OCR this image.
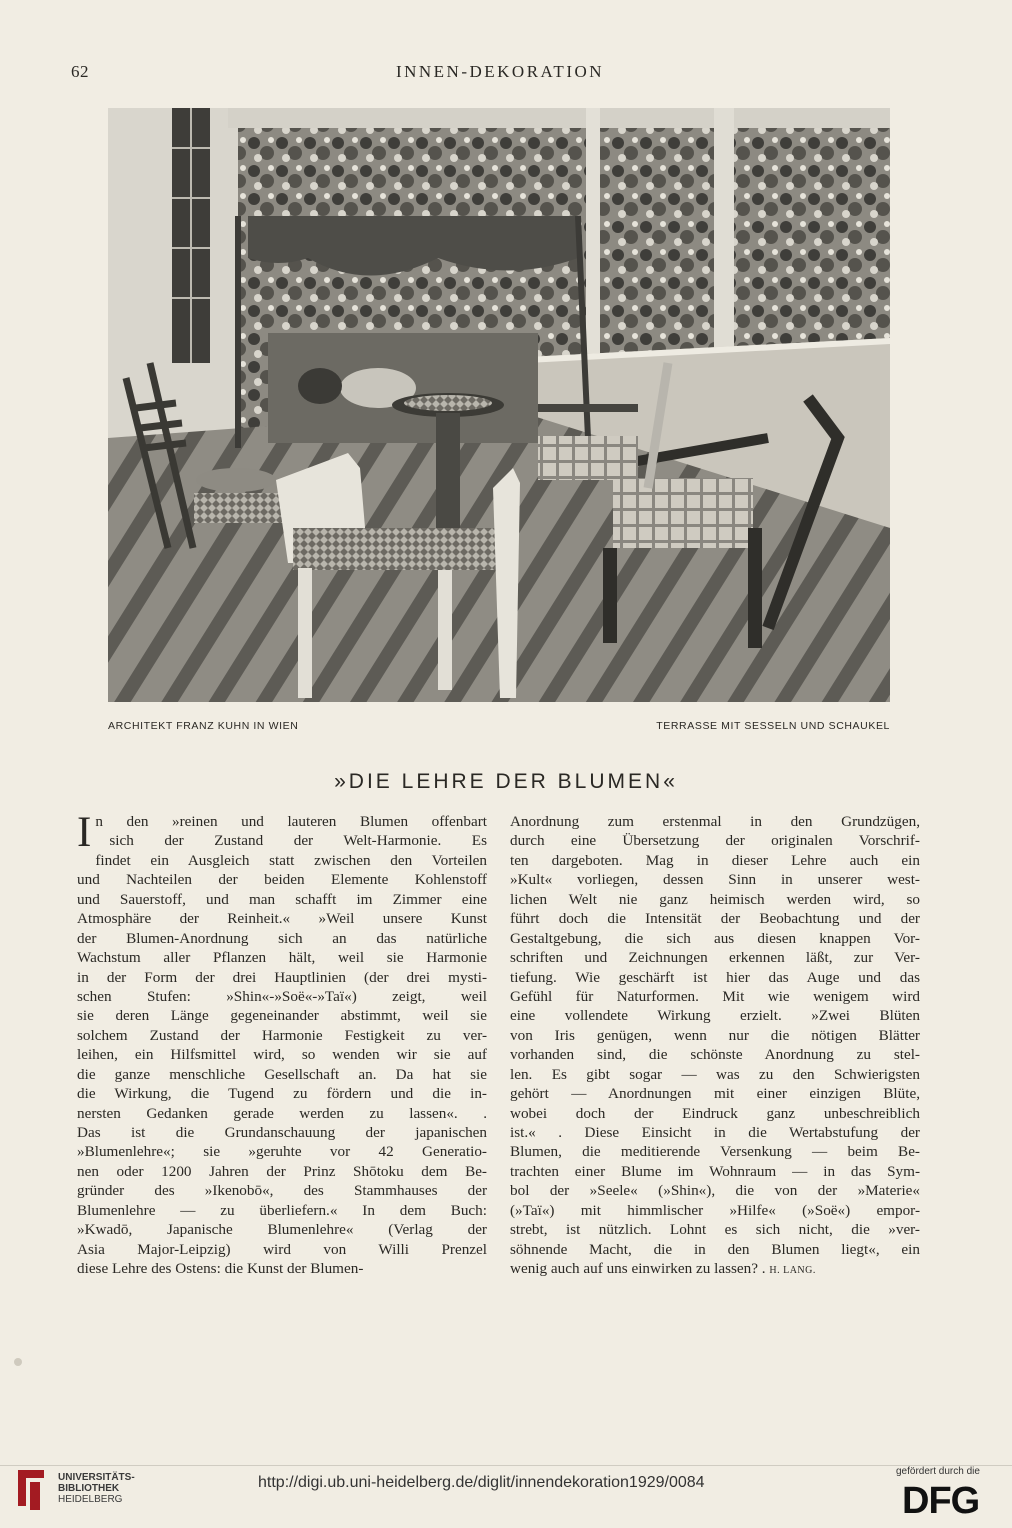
62	INNEN-DEKORATION
ARCHITEKT FRANZ KUHN IN WIEN	TERRASSE MIT SESSELN UND SCHAUKEL
»DIE LEHRE DER BLUMEN«
I n den »reinen und lauteren Blumen offenbart

sich der Zustand der Welt-Harmonie. Es

findet ein Ausgleich statt zwischen den Vorteilen

und Nachteilen der beiden Elemente Kohlenstoff

und Sauerstoff, und man schafft im Zimmer eine

Atmosphäre der Reinheit.« »Weil unsere Kunst

der Blumen-Anordnung sich an das natürliche

Wachstum aller Pflanzen hält, weil sie Harmonie

in der Form der drei Hauptlinien (der drei mysti-

schen Stufen: »Shin«-»Soë«-»Taï«) zeigt, weil

sie deren Länge gegeneinander abstimmt, weil sie

solchem Zustand der Harmonie Festigkeit zu ver-

leihen, ein Hilfsmittel wird, so wenden wir sie auf

die ganze menschliche Gesellschaft an. Da hat sie

die Wirkung, die Tugend zu fördern und die in-

nersten Gedanken gerade werden zu lassen«. .

Das ist die Grundanschauung der japanischen

»Blumenlehre«; sie »geruhte vor 42 Generatio-

nen oder 1200 Jahren der Prinz Shōtoku dem Be-

gründer des »Ikenobō«, des Stammhauses der

Blumenlehre — zu überliefern.« In dem Buch:

»Kwadō, Japanische Blumenlehre« (Verlag der

Asia Major-Leipzig) wird von Willi Prenzel

diese Lehre des Ostens: die Kunst der Blumen-

Anordnung zum erstenmal in den Grundzügen,

durch eine Übersetzung der originalen Vorschrif-

ten dargeboten. Mag in dieser Lehre auch ein

»Kult« vorliegen, dessen Sinn in unserer west-

lichen Welt nie ganz heimisch werden wird, so

führt doch die Intensität der Beobachtung und der

Gestaltgebung, die sich aus diesen knappen Vor-

schriften und Zeichnungen erkennen läßt, zur Ver-

tiefung. Wie geschärft ist hier das Auge und das

Gefühl für Naturformen. Mit wie wenigem wird

eine vollendete Wirkung erzielt. »Zwei Blüten

von Iris genügen, wenn nur die nötigen Blätter

vorhanden sind, die schönste Anordnung zu stel-

len. Es gibt sogar — was zu den Schwierigsten

gehört — Anordnungen mit einer einzigen Blüte,

wobei doch der Eindruck ganz unbeschreiblich

ist.« . Diese Einsicht in die Wertabstufung der

Blumen, die meditierende Versenkung — beim Be-

trachten einer Blume im Wohnraum — in das Sym-

bol der »Seele« (»Shin«), die von der »Materie«

(»Taï«) mit himmlischer »Hilfe« (»Soë«) empor-

strebt, ist nützlich. Lohnt es sich nicht, die »ver-

söhnende Macht, die in den Blumen liegt«, ein

wenig auch auf uns einwirken zu lassen? . H. LANG.

UNIVERSITÄTS-
BIBLIOTHEK
HEIDELBERG
http://digi.ub.uni-heidelberg.de/diglit/innendekoration1929/0084
gefördert durch die
DFG
